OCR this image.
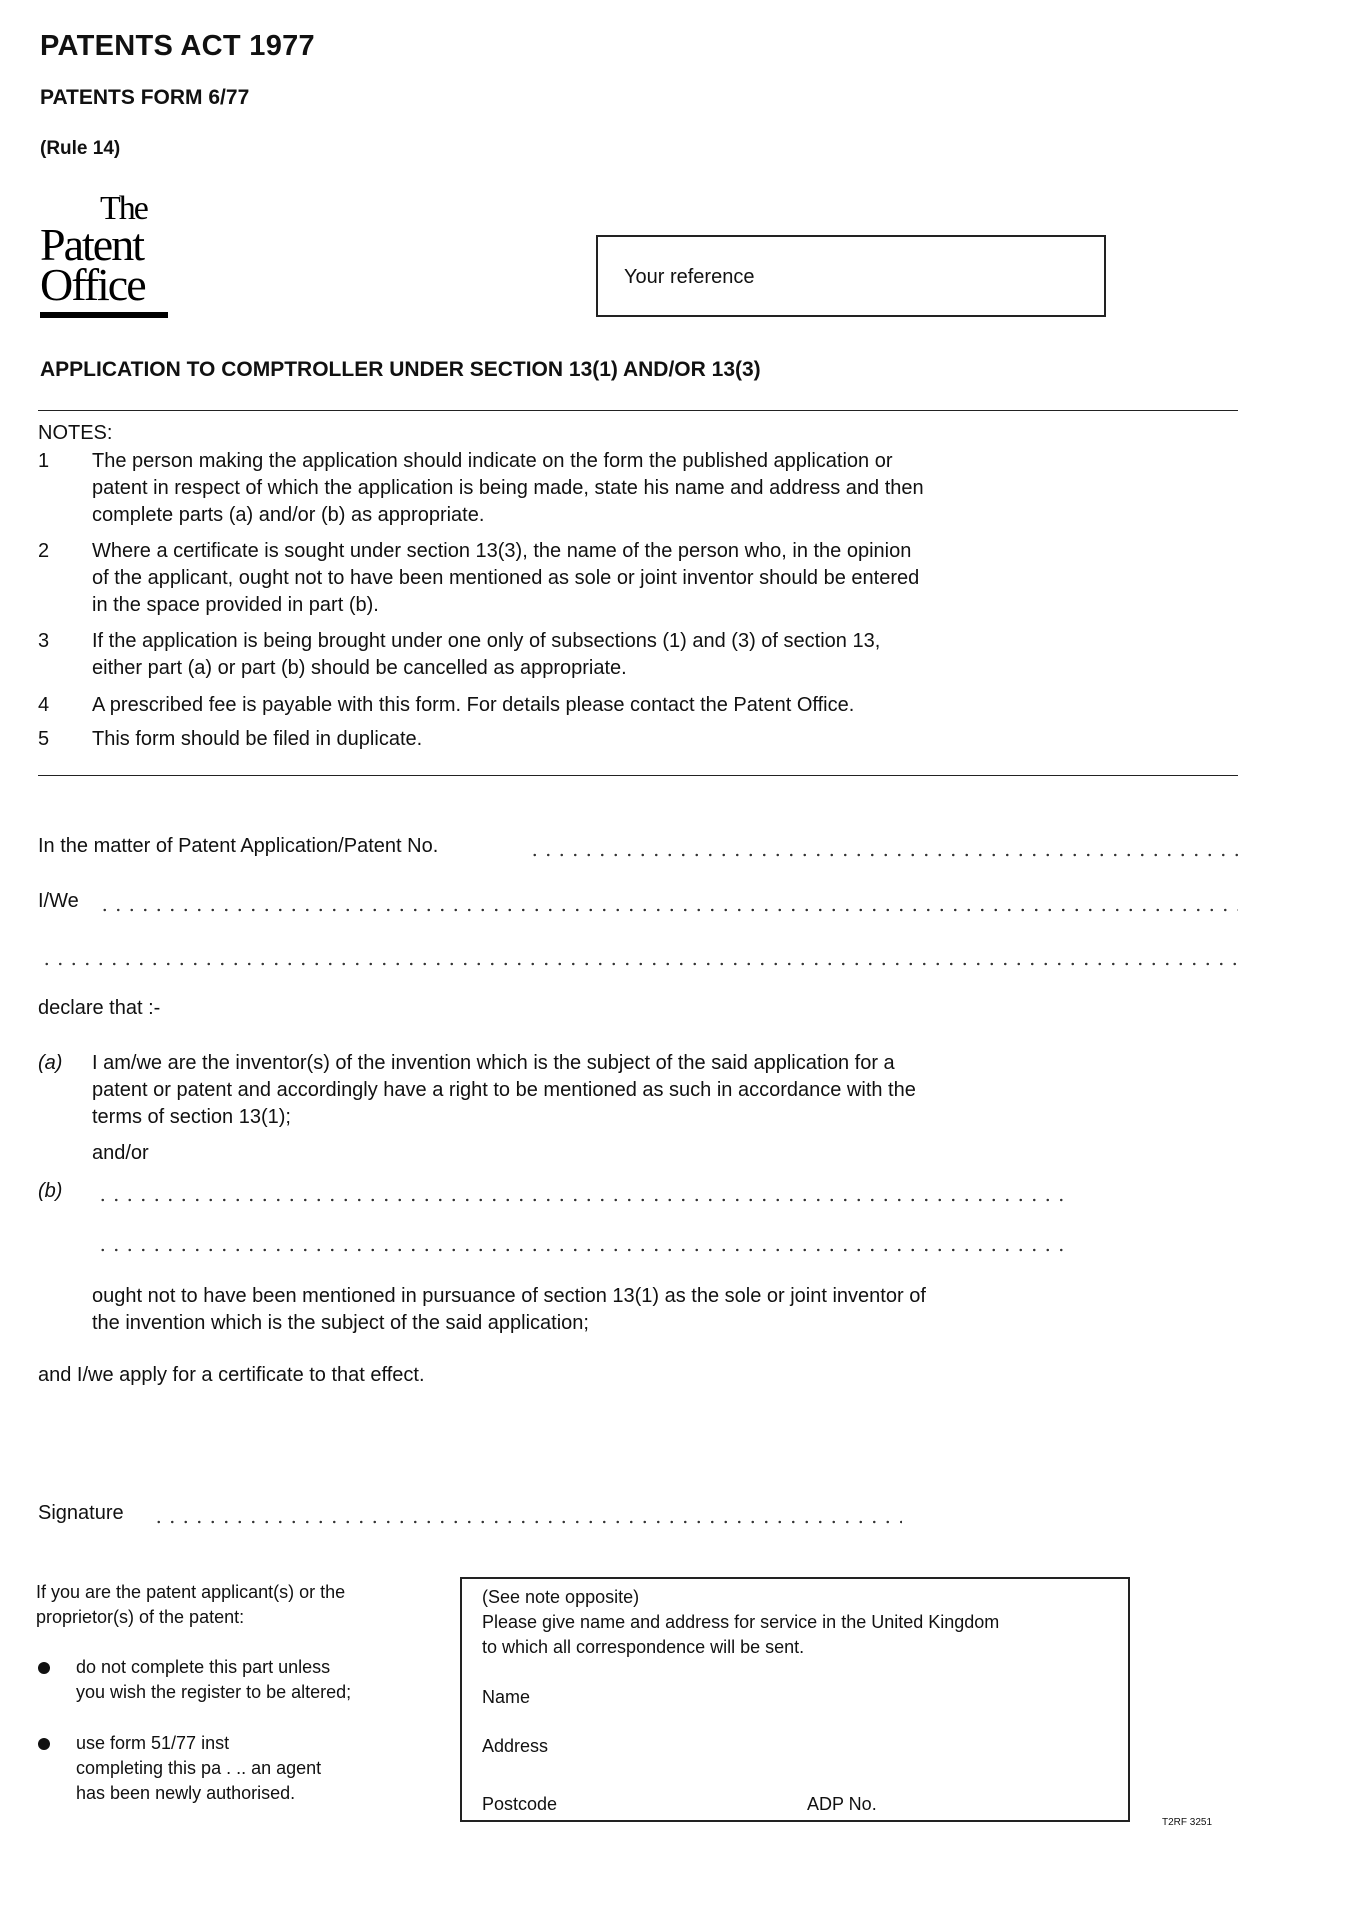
PATENTS ACT 1977
PATENTS FORM 6/77
(Rule 14)
The
Patent
Office	Your reference
APPLICATION TO COMPTROLLER UNDER SECTION 13(1) AND/OR 13(3)
NOTES:
1 The person making the application should indicate on the form the published application or
patent in respect of which the application is being made, state his name and address and then
complete parts (a) and/or (b) as appropriate.
2 Where a certificate is sought under section 13(3), the name of the person who, in the opinion
of the applicant, ought not to have been mentioned as sole or joint inventor should be entered
in the space provided in part (b).
3 If the application is being brought under one only of subsections (1) and (3) of section 13,
either part (a) or part (b) should be cancelled as appropriate.
4 A prescribed fee is payable with this form. For details please contact the Patent Office.
5 This form should be filed in duplicate.
In the matter of Patent Application/Patent No.
I/We
declare that :-
(a) I am/we are the inventor(s) of the invention which is the subject of the said application for a
patent or patent and accordingly have a right to be mentioned as such in accordance with the
terms of section 13(1);
and/or
(b)
ought not to have been mentioned in pursuance of section 13(1) as the sole or joint inventor of
the invention which is the subject of the said application;
and I/we apply for a certificate to that effect.
Signature
If you are the patent applicant(s) or the
proprietor(s) of the patent:
do not complete this part unless
you wish the register to be altered;
use form 51/77 inst
completing this pa . .. an agent
has been newly authorised.
(See note opposite)
Please give name and address for service in the United Kingdom
to which all correspondence will be sent.
Name
Address
Postcode	ADP No.
T2RF 3251
